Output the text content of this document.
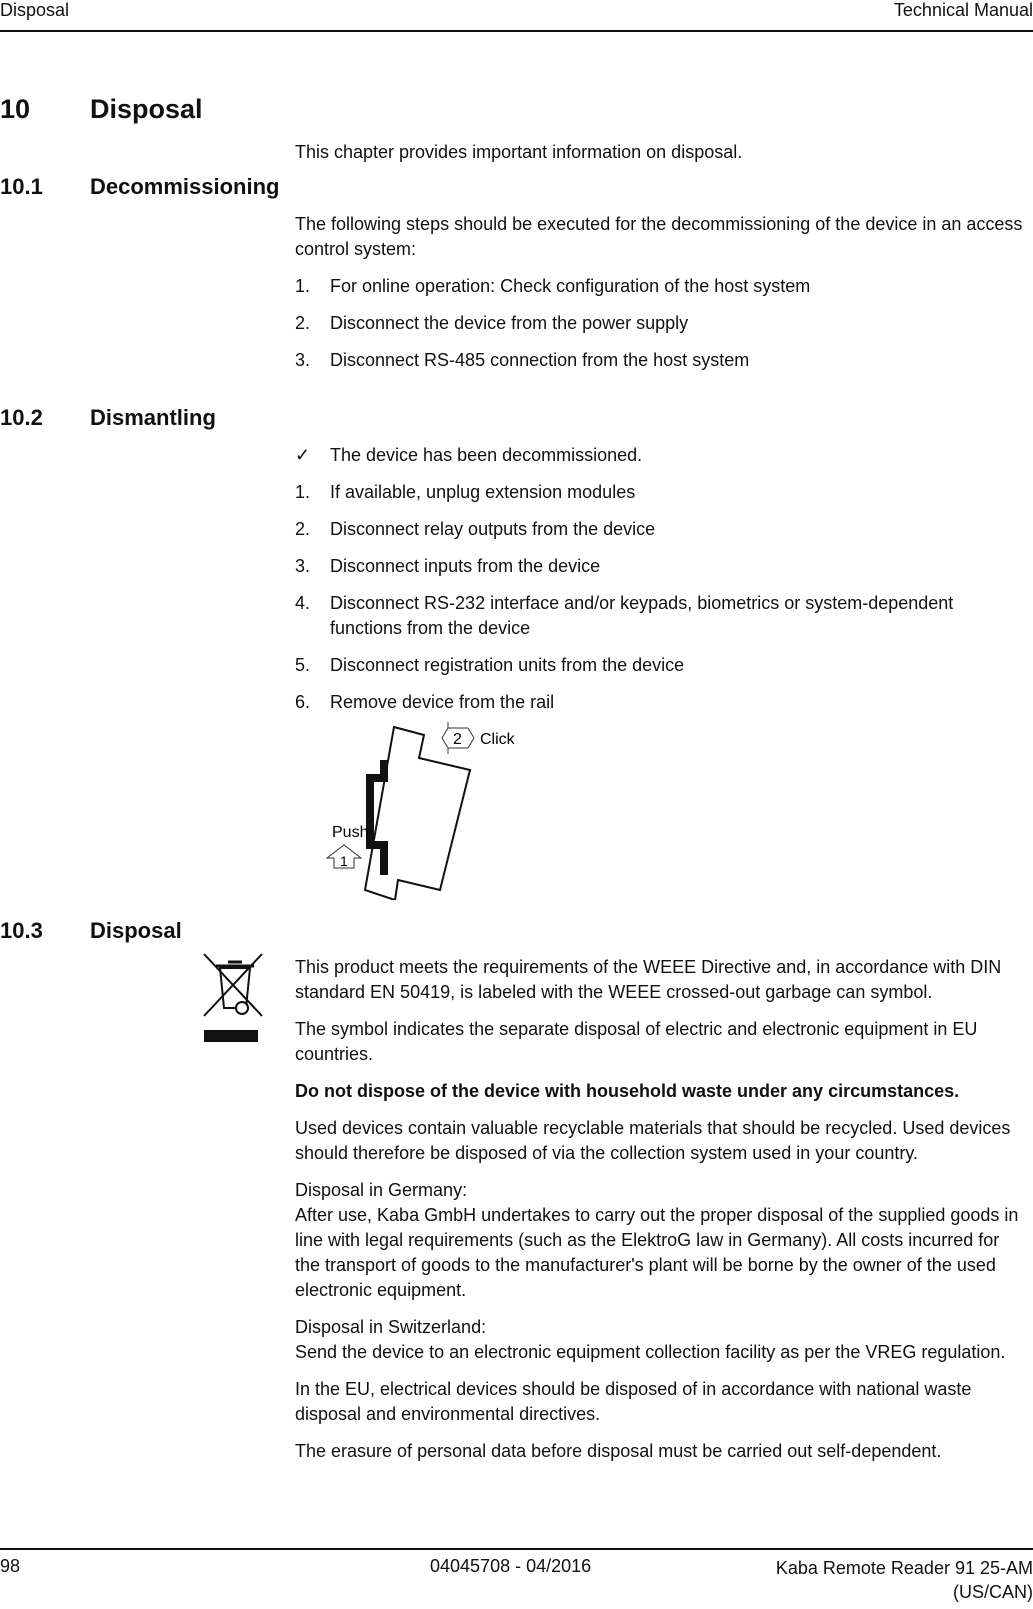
Disposal	Technical Manual
10 Disposal
This chapter provides important information on disposal.
10.1 Decommissioning

The following steps should be executed for the decommissioning of the device in an access control system:

1. For online operation: Check configuration of the host system
2. Disconnect the device from the power supply
3. Disconnect RS-485 connection from the host system
10.2 Dismantling
✓ The device has been decommissioned.
1. If available, unplug extension modules
2. Disconnect relay outputs from the device
3. Disconnect inputs from the device
4. Disconnect RS-232 interface and/or keypads, biometrics or system-dependent functions from the device
5. Disconnect registration units from the device
6. Remove device from the rail
2 Click
Push
1
10.3 Disposal

This product meets the requirements of the WEEE Directive and, in accordance with DIN standard EN 50419, is labeled with the WEEE crossed-out garbage can symbol.

The symbol indicates the separate disposal of electric and electronic equipment in EU countries.

Do not dispose of the device with household waste under any circumstances.

Used devices contain valuable recyclable materials that should be recycled. Used devices should therefore be disposed of via the collection system used in your country.

Disposal in Germany:
After use, Kaba GmbH undertakes to carry out the proper disposal of the supplied goods in line with legal requirements (such as the ElektroG law in Germany). All costs incurred for the transport of goods to the manufacturer's plant will be borne by the owner of the used electronic equipment.

Disposal in Switzerland:
Send the device to an electronic equipment collection facility as per the VREG regulation.

In the EU, electrical devices should be disposed of in accordance with national waste disposal and environmental directives.

The erasure of personal data before disposal must be carried out self-dependent.

98	04045708 - 04/2016	Kaba Remote Reader 91 25-AM (US/CAN)
